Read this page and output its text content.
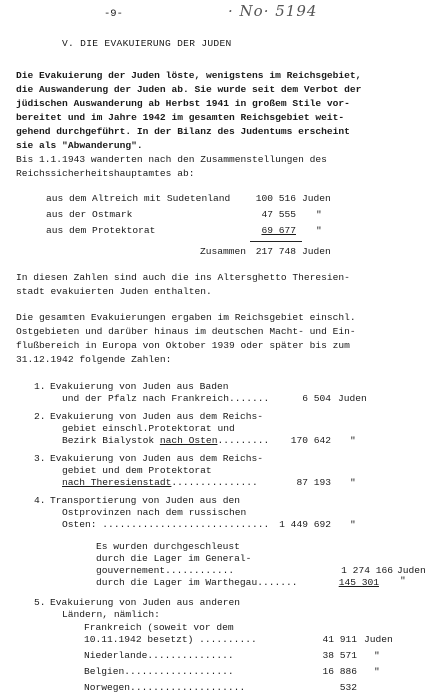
-9-	· No· 5194
V. DIE EVAKUIERUNG DER JUDEN
Die Evakuierung der Juden löste, wenigstens im Reichsgebiet,
die Auswanderung der Juden ab. Sie wurde seit dem Verbot der
jüdischen Auswanderung ab Herbst 1941 in großem Stile vor-
bereitet und im Jahre 1942 im gesamten Reichsgebiet weit-
gehend durchgeführt. In der Bilanz des Judentums erscheint
sie als "Abwanderung".
Bis 1.1.1943 wanderten nach den Zusammenstellungen des
Reichssicherheitshauptamtes ab:
aus dem Altreich mit Sudetenland	100 516 Juden
aus der Ostmark	47 555 "
aus dem Protektorat	69 677 "
Zusammen 217 748 Juden
In diesen Zahlen sind auch die ins Altersghetto Theresien-
stadt evakuierten Juden enthalten.
Die gesamten Evakuierungen ergaben im Reichsgebiet einschl.
Ostgebieten und darüber hinaus im deutschen Macht- und Ein-
flußbereich in Europa von Oktober 1939 oder später bis zum
31.12.1942 folgende Zahlen:
1. Evakuierung von Juden aus Baden
und der Pfalz nach Frankreich.......	6 504 Juden
2. Evakuierung von Juden aus dem Reichs-
gebiet einschl.Protektorat und
Bezirk Bialystok nach Osten......... 170 642 "
3. Evakuierung von Juden aus dem Reichs-
gebiet und dem Protektorat
nach Theresienstadt...............	87 193 "
4. Transportierung von Juden aus den
Ostprovinzen nach dem russischen
Osten: ............................. 1 449 692 "
Es wurden durchgeschleust
durch die Lager im General-
gouvernement............	1 274 166 Juden
durch die Lager im Warthegau.......	145 301 "
5. Evakuierung von Juden aus anderen
Ländern, nämlich:
Frankreich (soweit vor dem
10.11.1942 besetzt) ..........	41 911 Juden
Niederlande...............	38 571 "
Belgien...................	16 886 "
Norwegen....................	532
